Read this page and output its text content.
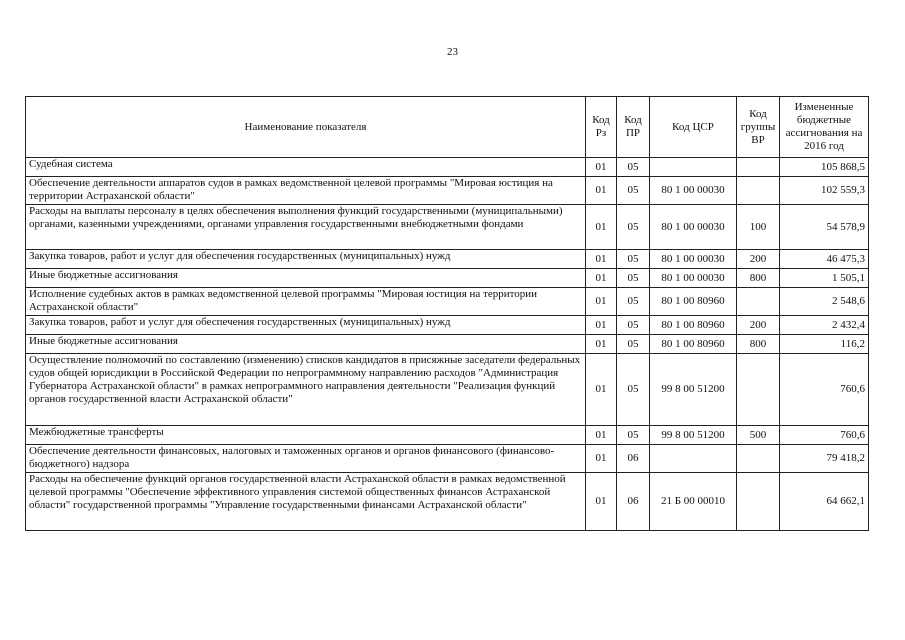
23
Наименование показателя	Код Рз	Код ПР	Код ЦСР	Код группы ВР	Измененные бюджетные ассигнования на 2016 год
Судебная система	01	05			105 868,5
Обеспечение деятельности аппаратов судов в рамках ведомственной целевой программы "Мировая юстиция на территории Астраханской области"	01	05	80 1 00 00030		102 559,3
Расходы на выплаты персоналу в целях обеспечения выполнения функций государственными (муниципальными) органами, казенными учреждениями, органами управления государственными внебюджетными фондами	01	05	80 1 00 00030	100	54 578,9
Закупка товаров, работ и услуг для обеспечения государственных (муниципальных) нужд	01	05	80 1 00 00030	200	46 475,3
Иные бюджетные ассигнования	01	05	80 1 00 00030	800	1 505,1
Исполнение судебных актов в рамках ведомственной целевой программы "Мировая юстиция на территории Астраханской области"	01	05	80 1 00 80960		2 548,6
Закупка товаров, работ и услуг для обеспечения государственных (муниципальных) нужд	01	05	80 1 00 80960	200	2 432,4
Иные бюджетные ассигнования	01	05	80 1 00 80960	800	116,2
Осуществление полномочий по составлению (изменению) списков кандидатов в присяжные заседатели федеральных судов общей юрисдикции в Российской Федерации по непрограммному направлению расходов "Администрация Губернатора Астраханской области" в рамках непрограммного направления деятельности "Реализация функций органов государственной власти Астраханской области"	01	05	99 8 00 51200		760,6
Межбюджетные трансферты	01	05	99 8 00 51200	500	760,6
Обеспечение деятельности финансовых, налоговых и таможенных органов и органов финансового (финансово-бюджетного) надзора	01	06			79 418,2
Расходы на обеспечение функций органов государственной власти Астраханской области в рамках ведомственной целевой программы "Обеспечение эффективного управления системой общественных финансов Астраханской области" государственной программы "Управление государственными финансами Астраханской области"	01	06	21 Б 00 00010		64 662,1
